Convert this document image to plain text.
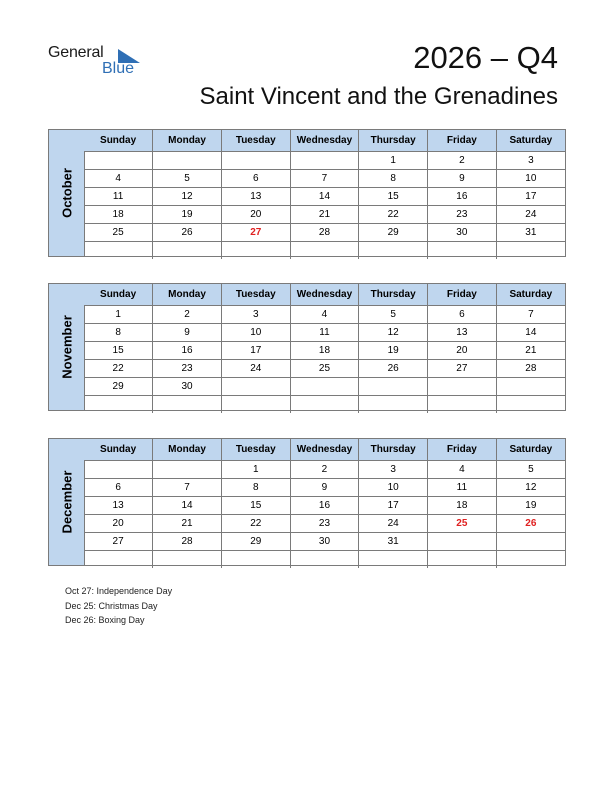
General
Blue	2026 – Q4
Saint Vincent and the Grenadines
October
Sunday	Monday	Tuesday	Wednesday	Thursday	Friday	Saturday
				1	2	3
4	5	6	7	8	9	10
11	12	13	14	15	16	17
18	19	20	21	22	23	24
25	26	27	28	29	30	31

November
Sunday	Monday	Tuesday	Wednesday	Thursday	Friday	Saturday
1	2	3	4	5	6	7
8	9	10	11	12	13	14
15	16	17	18	19	20	21
22	23	24	25	26	27	28
29	30					

December
Sunday	Monday	Tuesday	Wednesday	Thursday	Friday	Saturday
		1	2	3	4	5
6	7	8	9	10	11	12
13	14	15	16	17	18	19
20	21	22	23	24	25	26
27	28	29	30	31		

Oct 27: Independence Day
Dec 25: Christmas Day
Dec 26: Boxing Day
